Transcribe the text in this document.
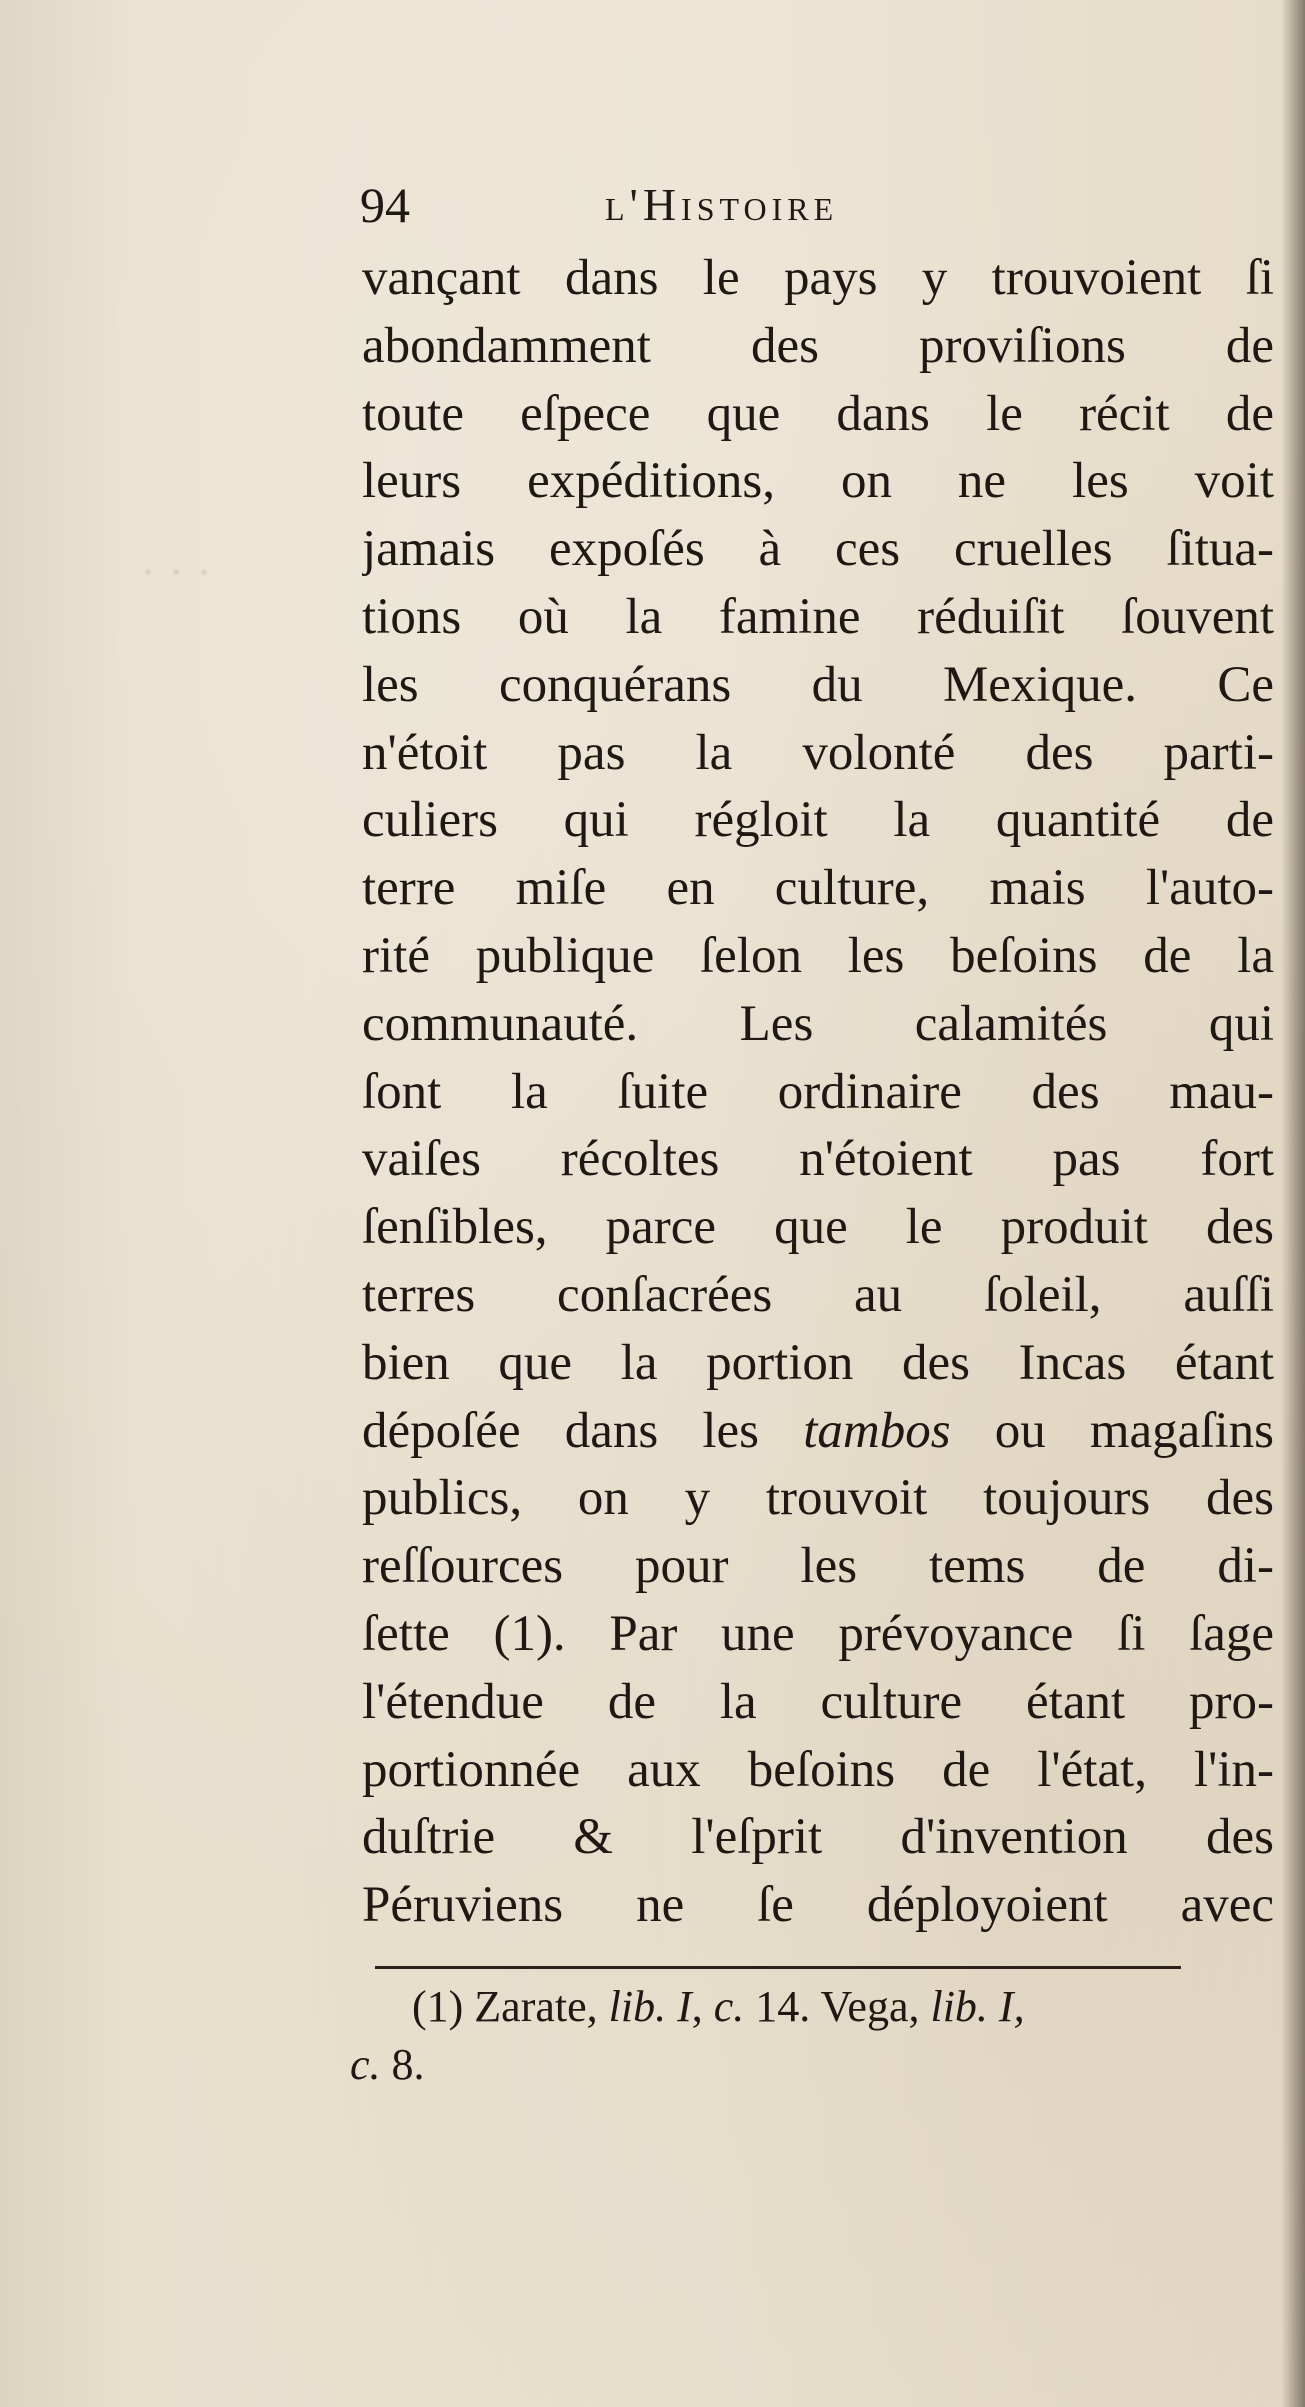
· · ·
94	l'Histoire
vançant dans le pays y trouvoient ſi
abondamment des proviſions de
toute eſpece que dans le récit de
leurs expéditions, on ne les voit
jamais expoſés à ces cruelles ſitua-
tions où la famine réduiſit ſouvent
les conquérans du Mexique. Ce
n'étoit pas la volonté des parti-
culiers qui régloit la quantité de
terre miſe en culture, mais l'auto-
rité publique ſelon les beſoins de la
communauté. Les calamités qui
ſont la ſuite ordinaire des mau-
vaiſes récoltes n'étoient pas fort
ſenſibles, parce que le produit des
terres conſacrées au ſoleil, auſſi
bien que la portion des Incas étant
dépoſée dans les tambos ou magaſins
publics, on y trouvoit toujours des
reſſources pour les tems de di-
ſette (1). Par une prévoyance ſi ſage
l'étendue de la culture étant pro-
portionnée aux beſoins de l'état, l'in-
duſtrie & l'eſprit d'invention des
Péruviens ne ſe déployoient avec
(1) Zarate, lib. I, c. 14. Vega, lib. I,
c. 8.
